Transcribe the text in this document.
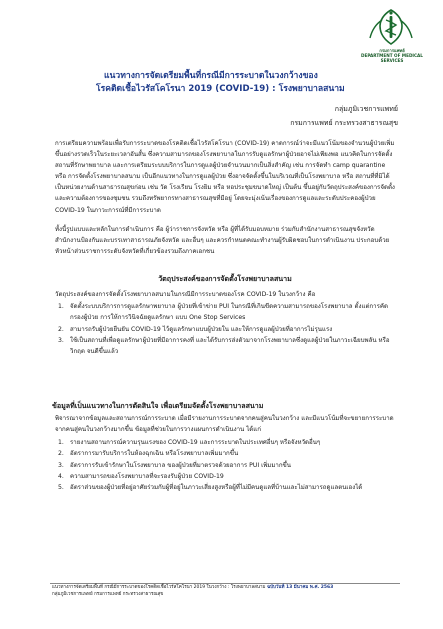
กรมการแพทย์
DEPARTMENT OF MEDICAL SERVICES
แนวทางการจัดเตรียมพื้นที่กรณีมีการระบาดในวงกว้างของ
โรคติดเชื้อไวรัสโคโรนา 2019 (COVID-19) : โรงพยาบาลสนาม
กลุ่มภูมิเวชการแพทย์
กรมการแพทย์ กระทรวงสาธารณสุข
การเตรียมความพร้อมเพื่อรับการระบาดของโรคติดเชื้อไวรัสโคโรนา (COVID-19) คาดการณ์ว่าจะมีแนวโน้มของจำนวนผู้ป่วยเพิ่มขึ้นอย่างรวดเร็วในระยะเวลาอันสั้น ซึ่งความสามารถของโรงพยาบาลในการรับดูแลรักษาผู้ป่วยอาจไม่เพียงพอ แนวคิดในการจัดตั้งสถานที่รักษาพยาบาล และการเตรียมระบบบริการในการดูแลผู้ป่วยจำนวนมากเป็นสิ่งสำคัญ เช่น การจัดทำ camp quarantine หรือ การจัดตั้งโรงพยาบาลสนาม เป็นอีกแนวทางในการดูแลผู้ป่วย ซึ่งอาจจัดตั้งขึ้นในบริเวณที่เป็นโรงพยาบาล หรือ สถานที่ที่มิได้เป็นหน่วยงานด้านสาธารณสุขก่อน เช่น วัด โรงเรียน โรงยิม หรือ หอประชุมขนาดใหญ่ เป็นต้น ขึ้นอยู่กับวัตถุประสงค์ของการจัดตั้ง และความต้องการของชุมชน รวมถึงทรัพยากรทางสาธารณสุขที่มีอยู่ โดยจะมุ่งเน้นเรื่องของการดูแลและระดับประคองผู้ป่วย COVID-19 ในภาวะการณ์ที่มีการระบาด
ทั้งนี้รูปแบบและหลักในการดำเนินการ คือ ผู้ว่าราชการจังหวัด หรือ ผู้ที่ได้รับมอบหมาย ร่วมกับสำนักงานสาธารณสุขจังหวัด สำนักงานป้องกันและบรรเทาสาธารณภัยจังหวัด และอื่นๆ และควรกำหนดคณะทำงานผู้รับผิดชอบในการดำเนินงาน ประกอบด้วยหัวหน้าส่วนราชการระดับจังหวัดที่เกี่ยวข้องรวมถึงภาคเอกชน
วัตถุประสงค์ของการจัดตั้งโรงพยาบาลสนาม
วัตถุประสงค์ของการจัดตั้งโรงพยาบาลสนามในกรณีมีการระบาดของโรค COVID-19 ในวงกว้าง คือ
1. จัดตั้งระบบบริการการดูแลรักษาพยาบาล ผู้ป่วยที่เข้าข่าย PUI ในกรณีที่เกินขีดความสามารถของโรงพยาบาล ตั้งแต่การคัดกรองผู้ป่วย การให้การวินิจฉัยดูแลรักษา แบบ One Stop Services
2. สามารถรับผู้ป่วยยืนยัน COVID-19 ไว้ดูแลรักษาแบบผู้ป่วยใน และให้การดูแลผู้ป่วยที่อาการไม่รุนแรง
3. ใช้เป็นสถานที่เพื่อดูแลรักษาผู้ป่วยที่มีอาการคงที่ และได้รับการส่งตัวมาจากโรงพยาบาลซึ่งดูแลผู้ป่วยในภาวะเฉียบพลัน หรือวิกฤต จนดีขึ้นแล้ว
ข้อมูลที่เป็นแนวทางในการตัดสินใจ เพื่อเตรียมจัดตั้งโรงพยาบาลสนาม
พิจารณาจากข้อมูลและสถานการณ์การระบาด เมื่อมีรายงานการระบาดจากคนสู่คนในวงกว้าง และมีแนวโน้มที่จะขยายการระบาดจากคนสู่คนในวงกว้างมากขึ้น ข้อมูลที่ช่วยในการวางแผนการดำเนินงาน ได้แก่
1. รายงานสถานการณ์ความรุนแรงของ COVID-19 และการระบาดในประเทศอื่นๆ หรือจังหวัดอื่นๆ
2. อัตราการมารับบริการในห้องฉุกเฉิน หรือโรงพยาบาลเพิ่มมากขึ้น
3. อัตราการรับเข้ารักษาในโรงพยาบาล ของผู้ป่วยที่มาตรวจด้วยอาการ PUI เพิ่มมากขึ้น
4. ความสามารถของโรงพยาบาลที่จะรองรับผู้ป่วย COVID-19
5. อัตราส่วนของผู้ป่วยที่อยู่อาศัยร่วมกับผู้ที่อยู่ในภาวะเสี่ยงสูงหรือผู้ที่ไม่มีคนดูแลที่บ้านและไม่สามารถดูแลตนเองได้
แนวทางการจัดเตรียมพื้นที่ กรณีมีการระบาดของโรคติดเชื้อไวรัสโคโรนา 2019 ในวงกว้าง : โรงพยาบาลสนาม ฉบับวันที่ 13 มีนาคม พ.ศ. 2563
กลุ่มภูมิเวชการแพทย์ กรมการแพทย์ กระทรวงสาธารณสุข
